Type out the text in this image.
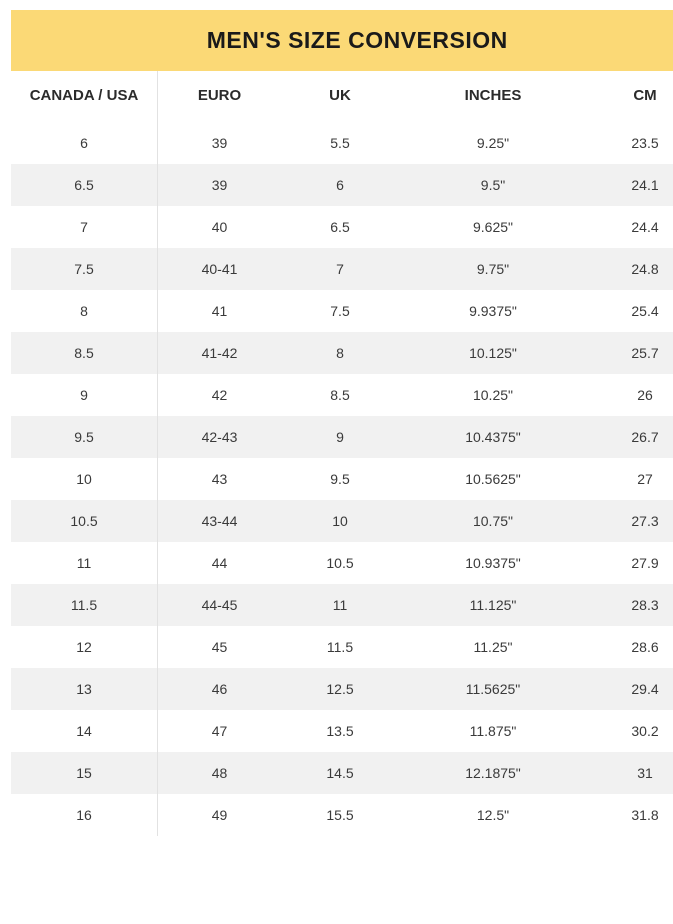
MEN'S SIZE CONVERSION
CANADA / USA	EURO	UK	INCHES	CM
6	39	5.5	9.25"	23.5
6.5	39	6	9.5"	24.1
7	40	6.5	9.625"	24.4
7.5	40-41	7	9.75"	24.8
8	41	7.5	9.9375"	25.4
8.5	41-42	8	10.125"	25.7
9	42	8.5	10.25"	26
9.5	42-43	9	10.4375"	26.7
10	43	9.5	10.5625"	27
10.5	43-44	10	10.75"	27.3
11	44	10.5	10.9375"	27.9
11.5	44-45	11	11.125"	28.3
12	45	11.5	11.25"	28.6
13	46	12.5	11.5625"	29.4
14	47	13.5	11.875"	30.2
15	48	14.5	12.1875"	31
16	49	15.5	12.5"	31.8
